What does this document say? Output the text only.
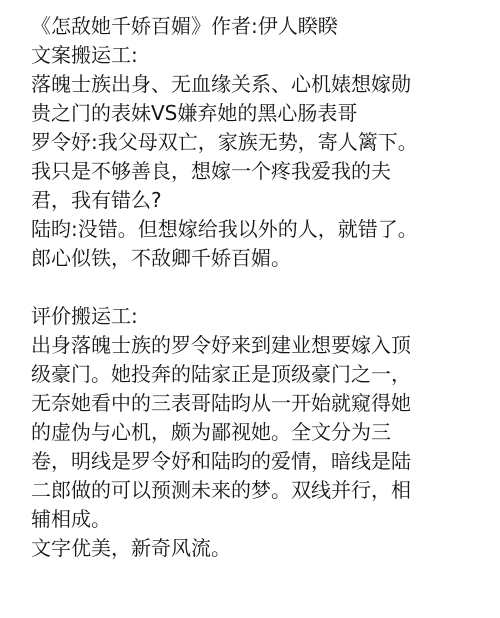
《怎敌她千娇百媚》作者:伊人睽睽

文案搬运工:

落魄士族出身、无血缘关系、心机婊想嫁勋

贵之门的表妹VS嫌弃她的黑心肠表哥

罗令妤:我父母双亡，家族无势，寄人篱下。

我只是不够善良，想嫁一个疼我爱我的夫

君，我有错么?

陆昀:没错。但想嫁给我以外的人，就错了。

郎心似铁，不敌卿千娇百媚。

评价搬运工:

出身落魄士族的罗令妤来到建业想要嫁入顶

级豪门。她投奔的陆家正是顶级豪门之一，

无奈她看中的三表哥陆昀从一开始就窥得她

的虚伪与心机，颇为鄙视她。全文分为三

卷，明线是罗令妤和陆昀的爱情，暗线是陆

二郎做的可以预测未来的梦。双线并行，相

辅相成。

文字优美，新奇风流。
